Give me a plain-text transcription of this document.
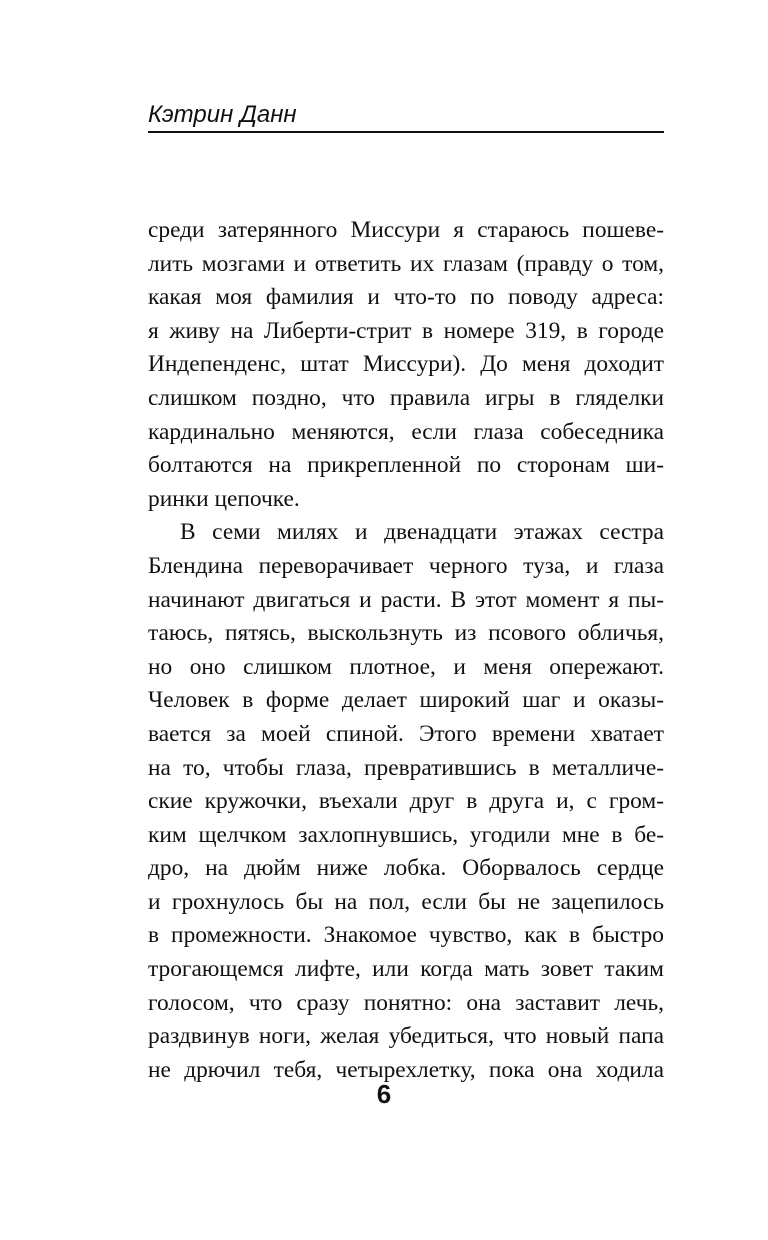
Кэтрин Данн

среди затерянного Миссури я стараюсь пошеве-

лить мозгами и ответить их глазам (правду о том,

какая моя фамилия и что-то по поводу адреса:

я живу на Либерти-стрит в номере 319, в городе

Индепенденс, штат Миссури). До меня доходит

слишком поздно, что правила игры в гляделки

кардинально меняются, если глаза собеседника

болтаются на прикрепленной по сторонам ши-

ринки цепочке.

В семи милях и двенадцати этажах сестра

Блендина переворачивает черного туза, и глаза

начинают двигаться и расти. В этот момент я пы-

таюсь, пятясь, выскользнуть из псового обличья,

но оно слишком плотное, и меня опережают.

Человек в форме делает широкий шаг и оказы-

вается за моей спиной. Этого времени хватает

на то, чтобы глаза, превратившись в металличе-

ские кружочки, въехали друг в друга и, с гром-

ким щелчком захлопнувшись, угодили мне в бе-

дро, на дюйм ниже лобка. Оборвалось сердце

и грохнулось бы на пол, если бы не зацепилось

в промежности. Знакомое чувство, как в быстро

трогающемся лифте, или когда мать зовет таким

голосом, что сразу понятно: она заставит лечь,

раздвинув ноги, желая убедиться, что новый папа

не дрючил тебя, четырехлетку, пока она ходила

6
